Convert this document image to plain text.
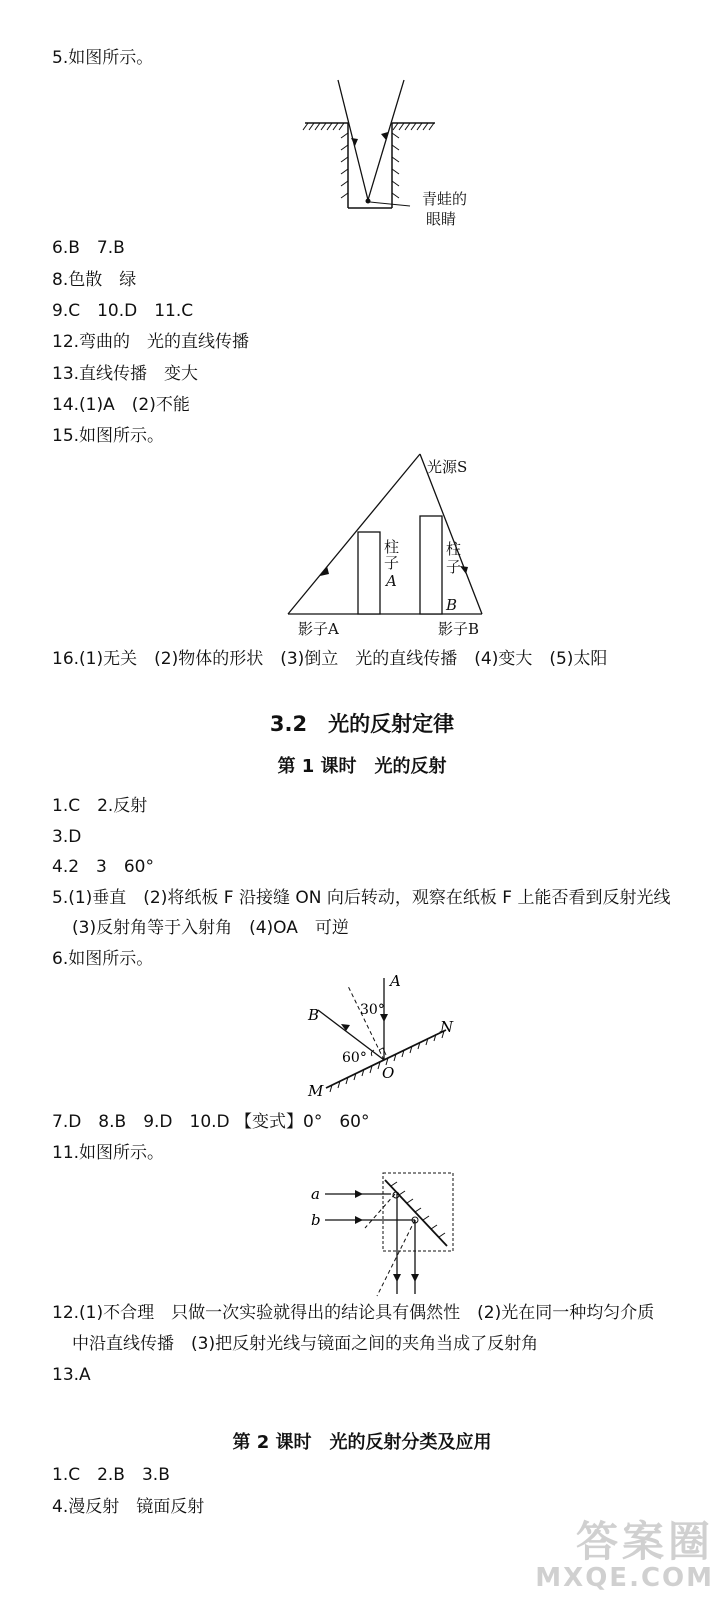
5.如图所示。
青蛙的
眼睛
6.B　7.B
8.色散　绿
9.C　10.D　11.C
12.弯曲的　光的直线传播
13.直线传播　变大
14.(1)A　(2)不能
15.如图所示。
光源S
柱
子
A
柱
子
B
影子A	影子B
16.(1)无关　(2)物体的形状　(3)倒立　光的直线传播　(4)变大　(5)太阳
3.2　光的反射定律
第 1 课时　光的反射
1.C　2.反射
3.D
4.2　3　60°
5.(1)垂直　(2)将纸板 F 沿接缝 ON 向后转动，观察在纸板 F 上能否看到反射光线
(3)反射角等于入射角　(4)OA　可逆
6.如图所示。
A
B
N
M
O
30°
60°
7.D　8.B　9.D　10.D 【变式】0°　60°
11.如图所示。
a
b
12.(1)不合理　只做一次实验就得出的结论具有偶然性　(2)光在同一种均匀介质
中沿直线传播　(3)把反射光线与镜面之间的夹角当成了反射角
13.A
第 2 课时　光的反射分类及应用
1.C　2.B　3.B
4.漫反射　镜面反射
答案圈
MXQE.COM
